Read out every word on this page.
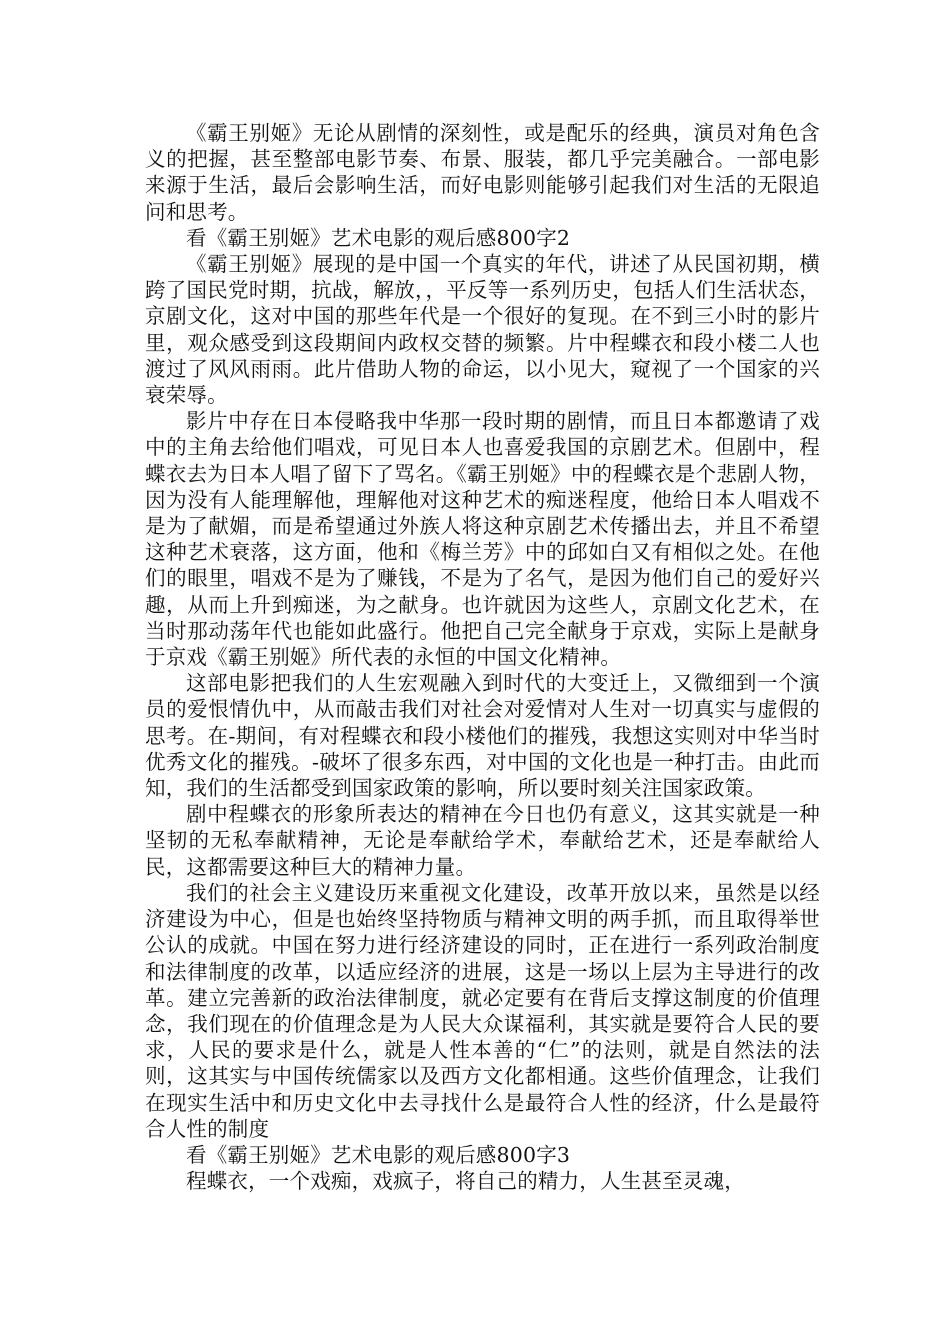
《霸王别姬》无论从剧情的深刻性，或是配乐的经典，演员对角色含义的把握，甚至整部电影节奏、布景、服装，都几乎完美融合。一部电影来源于生活，最后会影响生活，而好电影则能够引起我们对生活的无限追问和思考。

看《霸王别姬》艺术电影的观后感800字2

《霸王别姬》展现的是中国一个真实的年代，讲述了从民国初期，横跨了国民党时期，抗战，解放，，平反等一系列历史，包括人们生活状态，京剧文化，这对中国的那些年代是一个很好的复现。在不到三小时的影片里，观众感受到这段期间内政权交替的频繁。片中程蝶衣和段小楼二人也渡过了风风雨雨。此片借助人物的命运，以小见大，窥视了一个国家的兴衰荣辱。

影片中存在日本侵略我中华那一段时期的剧情，而且日本都邀请了戏中的主角去给他们唱戏，可见日本人也喜爱我国的京剧艺术。但剧中，程蝶衣去为日本人唱了留下了骂名。《霸王别姬》中的程蝶衣是个悲剧人物，因为没有人能理解他，理解他对这种艺术的痴迷程度，他给日本人唱戏不是为了献媚，而是希望通过外族人将这种京剧艺术传播出去，并且不希望这种艺术衰落，这方面，他和《梅兰芳》中的邱如白又有相似之处。在他们的眼里，唱戏不是为了赚钱，不是为了名气，是因为他们自己的爱好兴趣，从而上升到痴迷，为之献身。也许就因为这些人，京剧文化艺术，在当时那动荡年代也能如此盛行。他把自己完全献身于京戏，实际上是献身于京戏《霸王别姬》所代表的永恒的中国文化精神。

这部电影把我们的人生宏观融入到时代的大变迁上，又微细到一个演员的爱恨情仇中，从而敲击我们对社会对爱情对人生对一切真实与虚假的思考。在-期间，有对程蝶衣和段小楼他们的摧残，我想这实则对中华当时优秀文化的摧残。-破坏了很多东西，对中国的文化也是一种打击。由此而知，我们的生活都受到国家政策的影响，所以要时刻关注国家政策。

剧中程蝶衣的形象所表达的精神在今日也仍有意义，这其实就是一种坚韧的无私奉献精神，无论是奉献给学术，奉献给艺术，还是奉献给人民，这都需要这种巨大的精神力量。

我们的社会主义建设历来重视文化建设，改革开放以来，虽然是以经济建设为中心，但是也始终坚持物质与精神文明的两手抓，而且取得举世公认的成就。中国在努力进行经济建设的同时，正在进行一系列政治制度和法律制度的改革，以适应经济的进展，这是一场以上层为主导进行的改革。建立完善新的政治法律制度，就必定要有在背后支撑这制度的价值理念，我们现在的价值理念是为人民大众谋福利，其实就是要符合人民的要求，人民的要求是什么，就是人性本善的“仁”的法则，就是自然法的法则，这其实与中国传统儒家以及西方文化都相通。这些价值理念，让我们在现实生活中和历史文化中去寻找什么是最符合人性的经济，什么是最符合人性的制度

看《霸王别姬》艺术电影的观后感800字3

程蝶衣，一个戏痴，戏疯子，将自己的精力，人生甚至灵魂，
